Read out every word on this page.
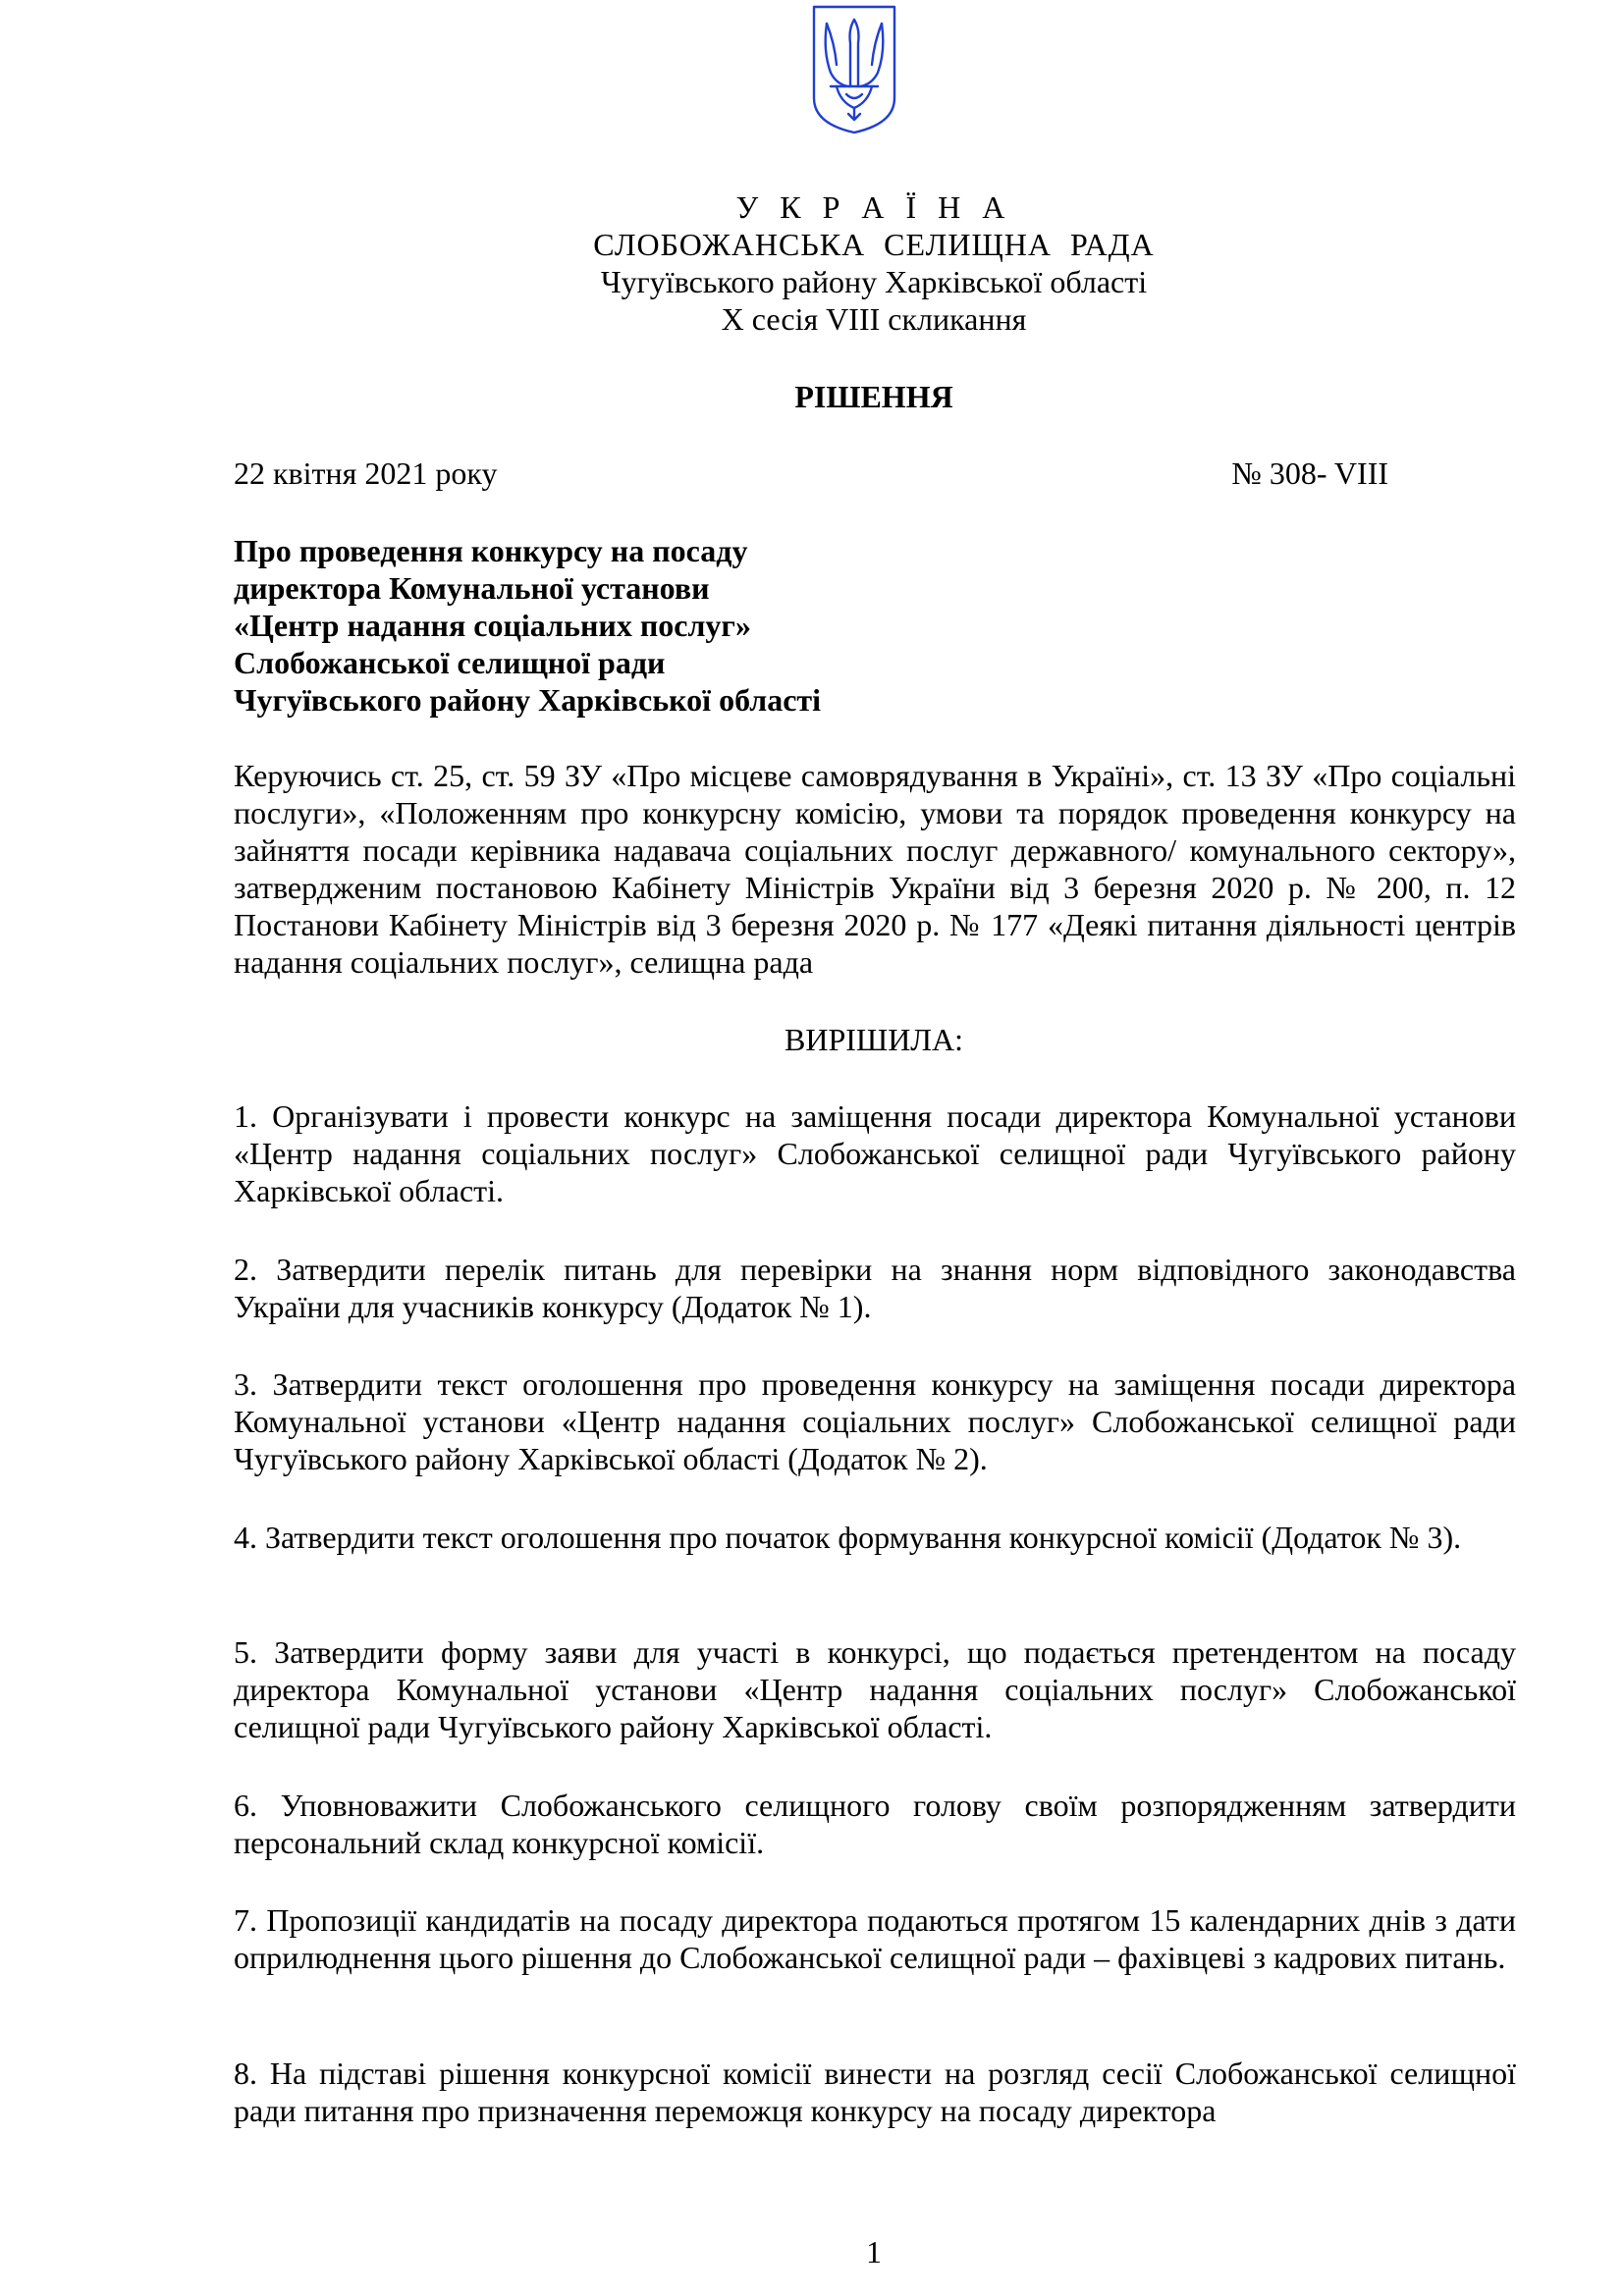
У К Р А Ї Н А
СЛОБОЖАНСЬКА СЕЛИЩНА РАДА
Чугуївського району Харківської області
Х сесія VIII скликання
РІШЕННЯ
22 квітня 2021 року	№ 308- VIII
Про проведення конкурсу на посаду
директора Комунальної установи
«Центр надання соціальних послуг»
Слобожанської селищної ради
Чугуївського району Харківської області

Керуючись ст. 25, ст. 59 ЗУ «Про місцеве самоврядування в Україні», ст. 13 ЗУ «Про соціальні послуги», «Положенням про конкурсну комісію, умови та порядок проведення конкурсу на зайняття посади керівника надавача соціальних послуг державного/ комунального сектору», затвердженим постановою Кабінету Міністрів України від 3 березня 2020 р. № 200, п. 12 Постанови Кабінету Міністрів від 3 березня 2020 р. № 177 «Деякі питання діяльності центрів надання соціальних послуг», селищна рада

ВИРІШИЛА:

1. Організувати і провести конкурс на заміщення посади директора Комунальної установи «Центр надання соціальних послуг» Слобожанської селищної ради Чугуївського району Харківської області.

2. Затвердити перелік питань для перевірки на знання норм відповідного законодавства України для учасників конкурсу (Додаток № 1).

3. Затвердити текст оголошення про проведення конкурсу на заміщення посади директора Комунальної установи «Центр надання соціальних послуг» Слобожанської селищної ради Чугуївського району Харківської області (Додаток № 2).

4. Затвердити текст оголошення про початок формування конкурсної комісії (Додаток № 3).

5. Затвердити форму заяви для участі в конкурсі, що подається претендентом на посаду директора Комунальної установи «Центр надання соціальних послуг» Слобожанської селищної ради Чугуївського району Харківської області.

6. Уповноважити Слобожанського селищного голову своїм розпорядженням затвердити персональний склад конкурсної комісії.

7. Пропозиції кандидатів на посаду директора подаються протягом 15 календарних днів з дати оприлюднення цього рішення до Слобожанської селищної ради – фахівцеві з кадрових питань.

8. На підставі рішення конкурсної комісії винести на розгляд сесії Слобожанської селищної ради питання про призначення переможця конкурсу на посаду директора

1
